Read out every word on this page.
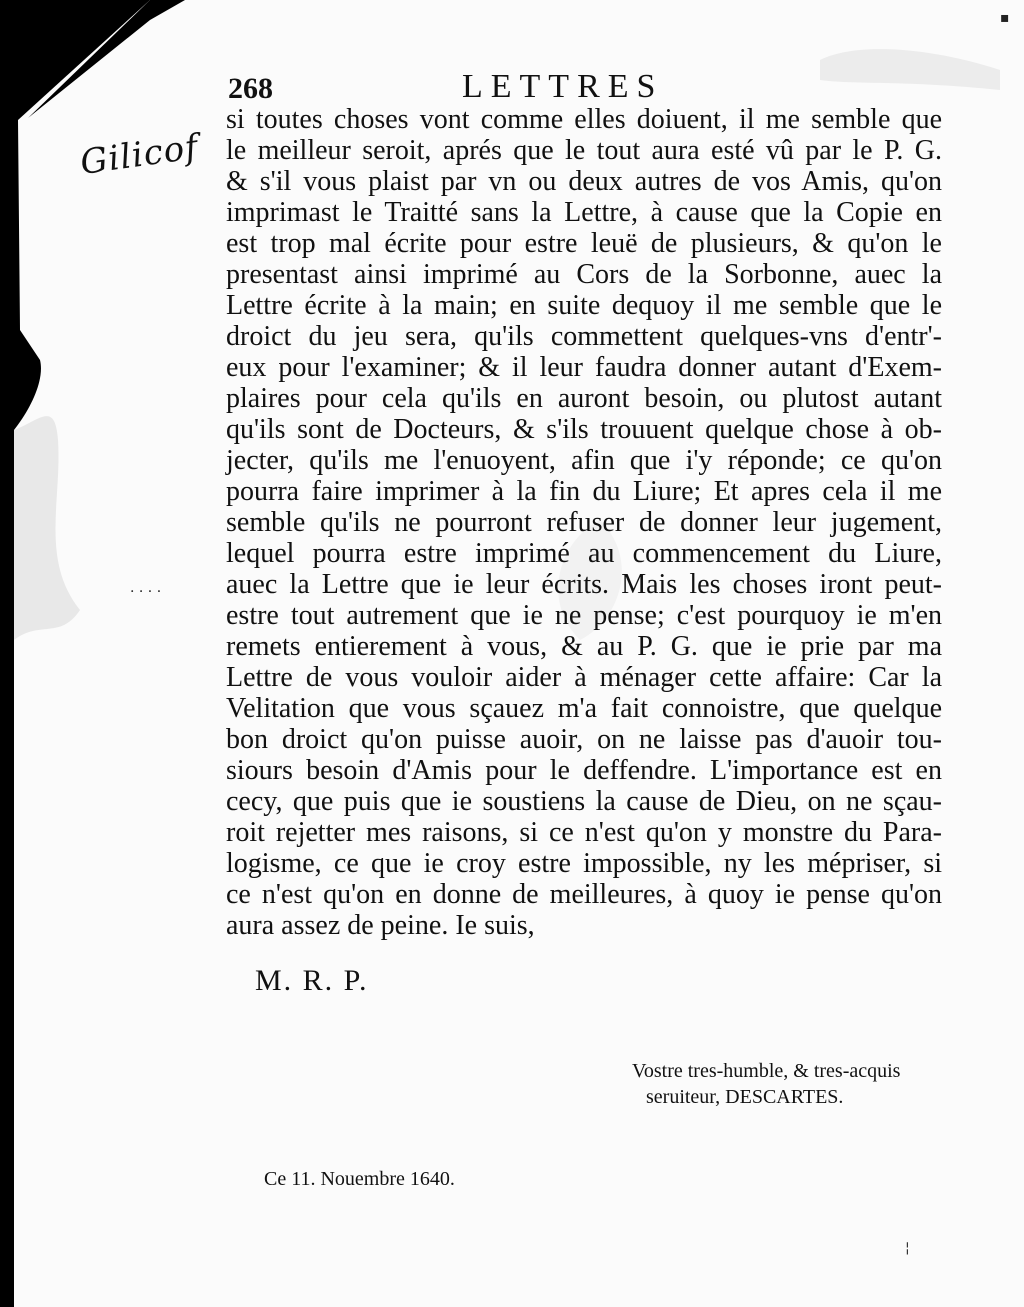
▪
· · · ·
¦
Gilicof
268	LETTRES
si toutes choses vont comme elles doiuent, il me semble que
le meilleur seroit, aprés que le tout aura esté vû par le P. G.
& s'il vous plaist par vn ou deux autres de vos Amis, qu'on
imprimast le Traitté sans la Lettre, à cause que la Copie en
est trop mal écrite pour estre leuë de plusieurs, & qu'on le
presentast ainsi imprimé au Cors de la Sorbonne, auec la
Lettre écrite à la main; en suite dequoy il me semble que le
droict du jeu sera, qu'ils commettent quelques-vns d'entr'-
eux pour l'examiner; & il leur faudra donner autant d'Exem-
plaires pour cela qu'ils en auront besoin, ou plutost autant
qu'ils sont de Docteurs, & s'ils trouuent quelque chose à ob-
jecter, qu'ils me l'enuoyent, afin que i'y réponde; ce qu'on
pourra faire imprimer à la fin du Liure; Et apres cela il me
semble qu'ils ne pourront refuser de donner leur jugement,
lequel pourra estre imprimé au commencement du Liure,
auec la Lettre que ie leur écrits. Mais les choses iront peut-
estre tout autrement que ie ne pense; c'est pourquoy ie m'en
remets entierement à vous, & au P. G. que ie prie par ma
Lettre de vous vouloir aider à ménager cette affaire: Car la
Velitation que vous sçauez m'a fait connoistre, que quelque
bon droict qu'on puisse auoir, on ne laisse pas d'auoir tou-
siours besoin d'Amis pour le deffendre. L'importance est en
cecy, que puis que ie soustiens la cause de Dieu, on ne sçau-
roit rejetter mes raisons, si ce n'est qu'on y monstre du Para-
logisme, ce que ie croy estre impossible, ny les mépriser, si
ce n'est qu'on en donne de meilleures, à quoy ie pense qu'on
aura assez de peine. Ie suis,
M. R. P.
Vostre tres-humble, & tres-acquis
seruiteur, DESCARTES.
Ce 11. Nouembre 1640.
